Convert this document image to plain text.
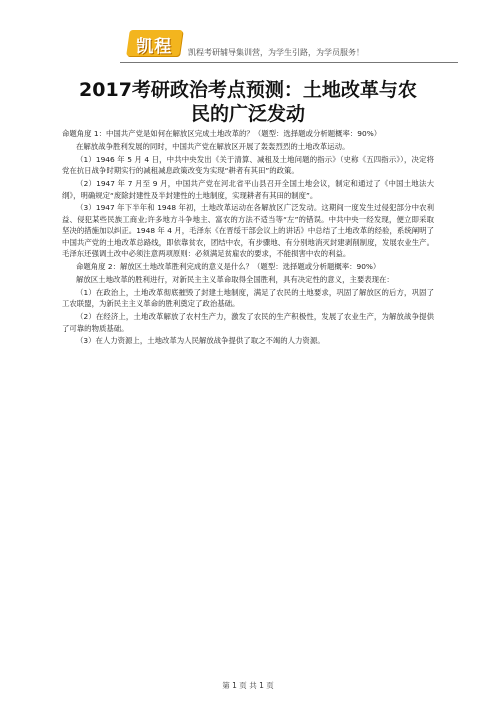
凯程	凯程考研辅导集训营，为学生引路，为学员服务！
2017考研政治考点预测：土地改革与农
民的广泛发动

命题角度 1：中国共产党是如何在解放区完成土地改革的？（题型：选择题或分析题概率：90%）

在解放战争胜利发展的同时，中国共产党在解放区开展了轰轰烈烈的土地改革运动。

（1）1946 年 5 月 4 日，中共中央发出《关于清算、减租及土地问题的指示》（史称《五四指示》），决定将党在抗日战争时期实行的减租减息政策改变为实现“耕者有其田”的政策。

（2）1947 年 7 月至 9 月，中国共产党在河北省平山县召开全国土地会议，制定和通过了《中国土地法大纲》，明确规定“废除封建性及半封建性的土地制度，实现耕者有其田的制度”。

（3）1947 年下半年和 1948 年初，土地改革运动在各解放区广泛发动。这期间一度发生过侵犯部分中农利益、侵犯某些民族工商业;许多地方斗争地主、富农的方法不适当等“左”的错误。中共中央一经发现，便立即采取坚决的措施加以纠正。1948 年 4 月，毛泽东《在晋绥干部会议上的讲话》中总结了土地改革的经验，系统阐明了中国共产党的土地改革总路线，即依靠贫农，团结中农，有步骤地、有分别地消灭封建剥削制度，发展农业生产。毛泽东还强调土改中必须注意两项原则：必须满足贫雇农的要求，不能损害中农的利益。

命题角度 2：解放区土地改革胜利完成的意义是什么？（题型：选择题或分析题概率：90%）

解放区土地改革的胜利进行，对新民主主义革命取得全国胜利，具有决定性的意义，主要表现在：

（1）在政治上，土地改革彻底摧毁了封建土地制度，满足了农民的土地要求，巩固了解放区的后方，巩固了工农联盟，为新民主主义革命的胜利奠定了政治基础。

（2）在经济上，土地改革解放了农村生产力，激发了农民的生产积极性，发展了农业生产，为解放战争提供了可靠的物质基础。

（3）在人力资源上，土地改革为人民解放战争提供了取之不竭的人力资源。

第 1 页 共 1 页
